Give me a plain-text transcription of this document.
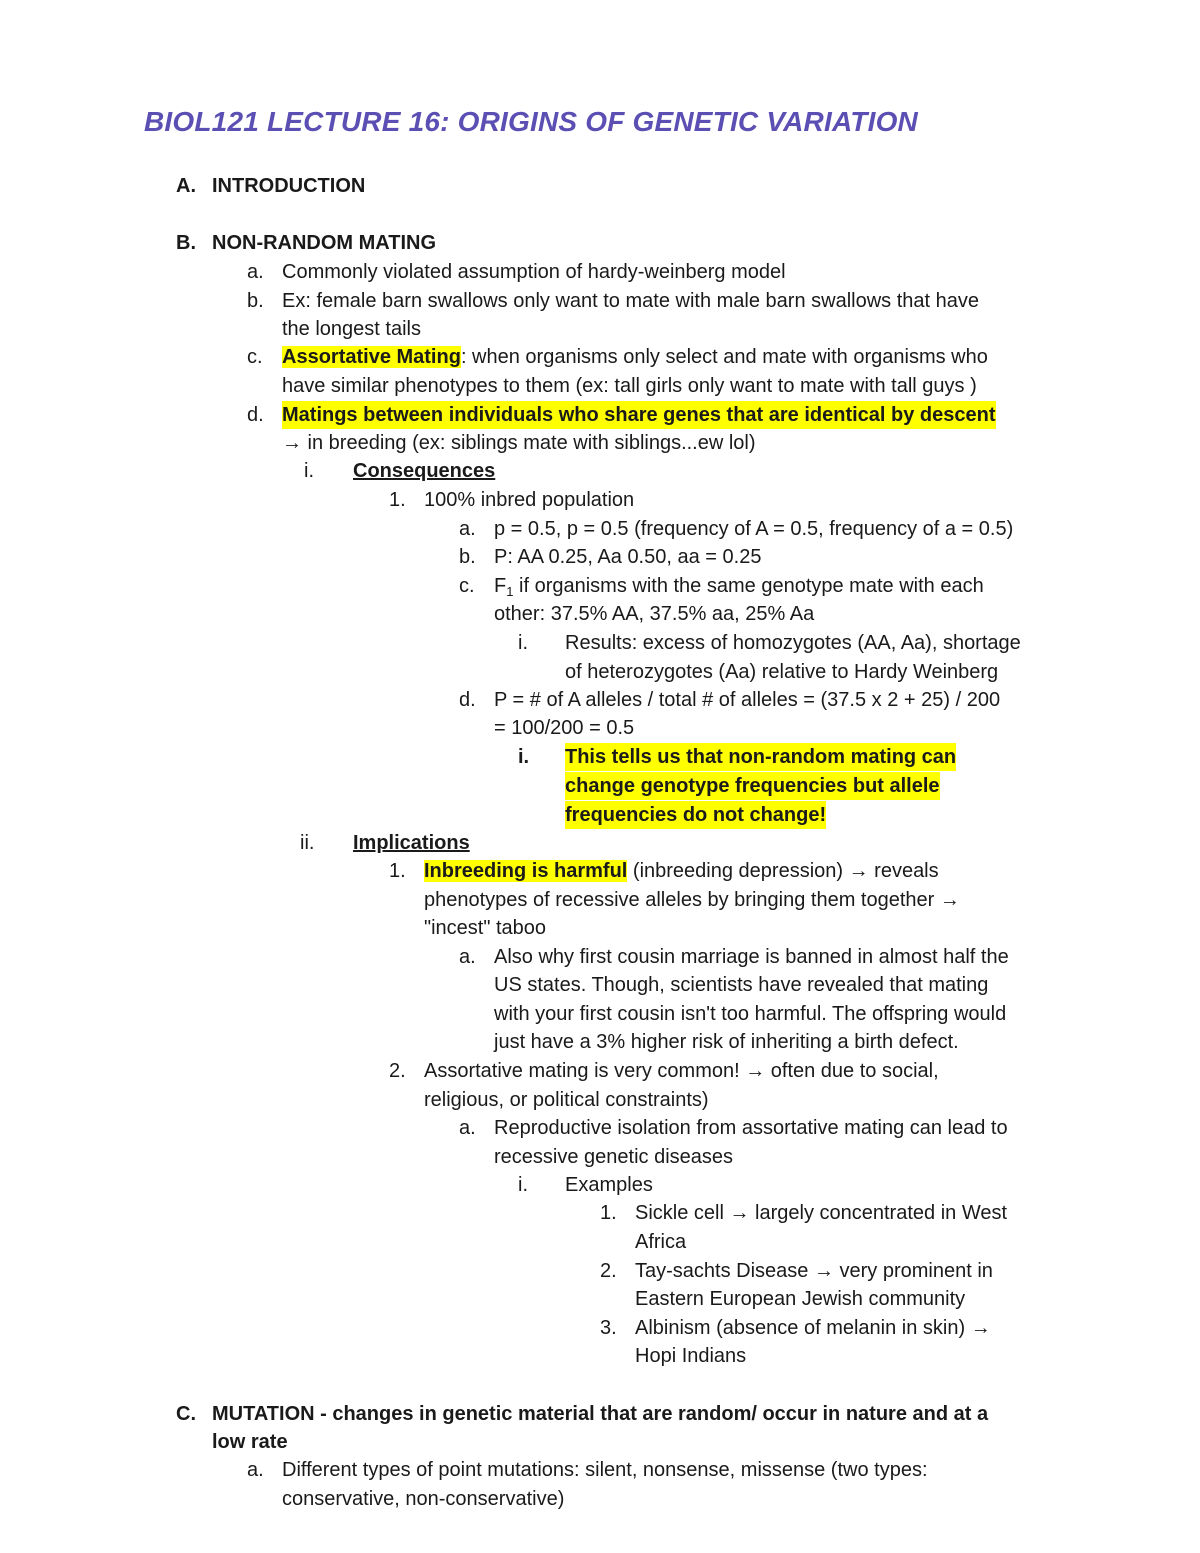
BIOL121 LECTURE 16: ORIGINS OF GENETIC VARIATION
A. INTRODUCTION
B. NON-RANDOM MATING
a. Commonly violated assumption of hardy-weinberg model
b. Ex: female barn swallows only want to mate with male barn swallows that have
the longest tails
c. Assortative Mating: when organisms only select and mate with organisms who
have similar phenotypes to them (ex: tall girls only want to mate with tall guys )
d. Matings between individuals who share genes that are identical by descent
→ in breeding (ex: siblings mate with siblings...ew lol)
i. Consequences
1. 100% inbred population
a. p = 0.5, p = 0.5 (frequency of A = 0.5, frequency of a = 0.5)
b. P: AA 0.25, Aa 0.50, aa = 0.25
c. $F_1$ if organisms with the same genotype mate with each
other: 37.5% AA, 37.5% aa, 25% Aa
i. Results: excess of homozygotes (AA, Aa), shortage
of heterozygotes (Aa) relative to Hardy Weinberg
d. P = # of A alleles / total # of alleles = (37.5 x 2 + 25) / 200
= 100/200 = 0.5
i. This tells us that non-random mating can
change genotype frequencies but allele
frequencies do not change!
ii. Implications
1. Inbreeding is harmful (inbreeding depression) → reveals
phenotypes of recessive alleles by bringing them together →
"incest" taboo
a. Also why first cousin marriage is banned in almost half the
US states. Though, scientists have revealed that mating
with your first cousin isn't too harmful. The offspring would
just have a 3% higher risk of inheriting a birth defect.
2. Assortative mating is very common! → often due to social,
religious, or political constraints)
a. Reproductive isolation from assortative mating can lead to
recessive genetic diseases
i. Examples
1. Sickle cell → largely concentrated in West
Africa
2. Tay-sachts Disease → very prominent in
Eastern European Jewish community
3. Albinism (absence of melanin in skin) →
Hopi Indians
C. MUTATION - changes in genetic material that are random/ occur in nature and at a
low rate
a. Different types of point mutations: silent, nonsense, missense (two types:
conservative, non-conservative)
